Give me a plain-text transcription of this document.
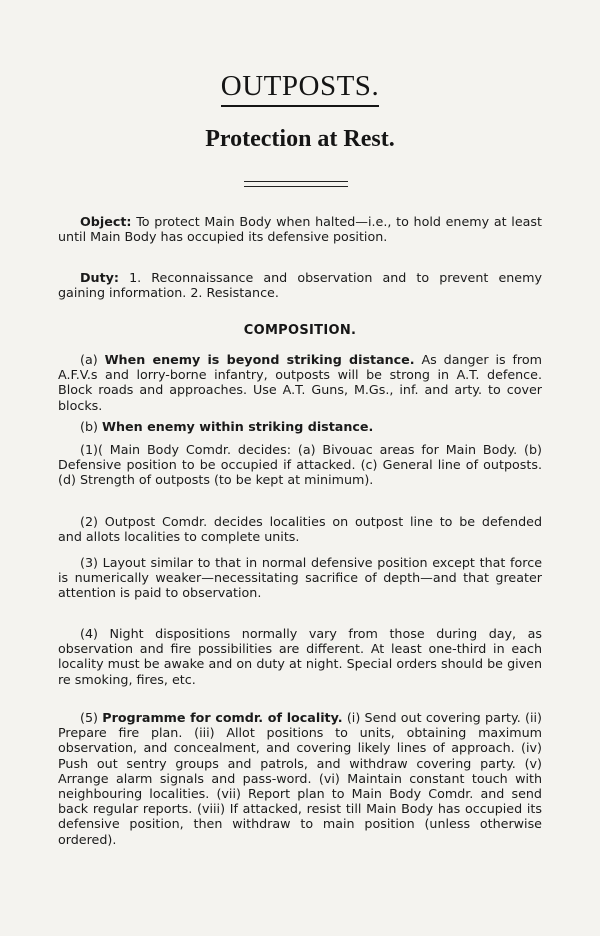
OUTPOSTS.
Protection at Rest.

Object: To protect Main Body when halted—i.e., to hold enemy at least until Main Body has occupied its defensive position.

Duty: 1. Reconnaissance and observation and to prevent enemy gaining information. 2. Resistance.

COMPOSITION.

(a) When enemy is beyond striking distance. As danger is from A.F.V.s and lorry-borne infantry, outposts will be strong in A.T. defence. Block roads and approaches. Use A.T. Guns, M.Gs., inf. and arty. to cover blocks.

(b) When enemy within striking distance.

(1)( Main Body Comdr. decides: (a) Bivouac areas for Main Body. (b) Defensive position to be occupied if attacked. (c) General line of outposts. (d) Strength of outposts (to be kept at minimum).

(2) Outpost Comdr. decides localities on outpost line to be defended and allots localities to complete units.

(3) Layout similar to that in normal defensive position except that force is numerically weaker—necessitating sacrifice of depth—and that greater attention is paid to observation.

(4) Night dispositions normally vary from those during day, as observation and fire possibilities are different. At least one-third in each locality must be awake and on duty at night. Special orders should be given re smoking, fires, etc.

(5) Programme for comdr. of locality. (i) Send out covering party. (ii) Prepare fire plan. (iii) Allot positions to units, obtaining maximum observation, and concealment, and covering likely lines of approach. (iv) Push out sentry groups and patrols, and withdraw covering party. (v) Arrange alarm signals and pass-word. (vi) Maintain constant touch with neighbouring localities. (vii) Report plan to Main Body Comdr. and send back regular reports. (viii) If attacked, resist till Main Body has occupied its defensive position, then withdraw to main position (unless otherwise ordered).
